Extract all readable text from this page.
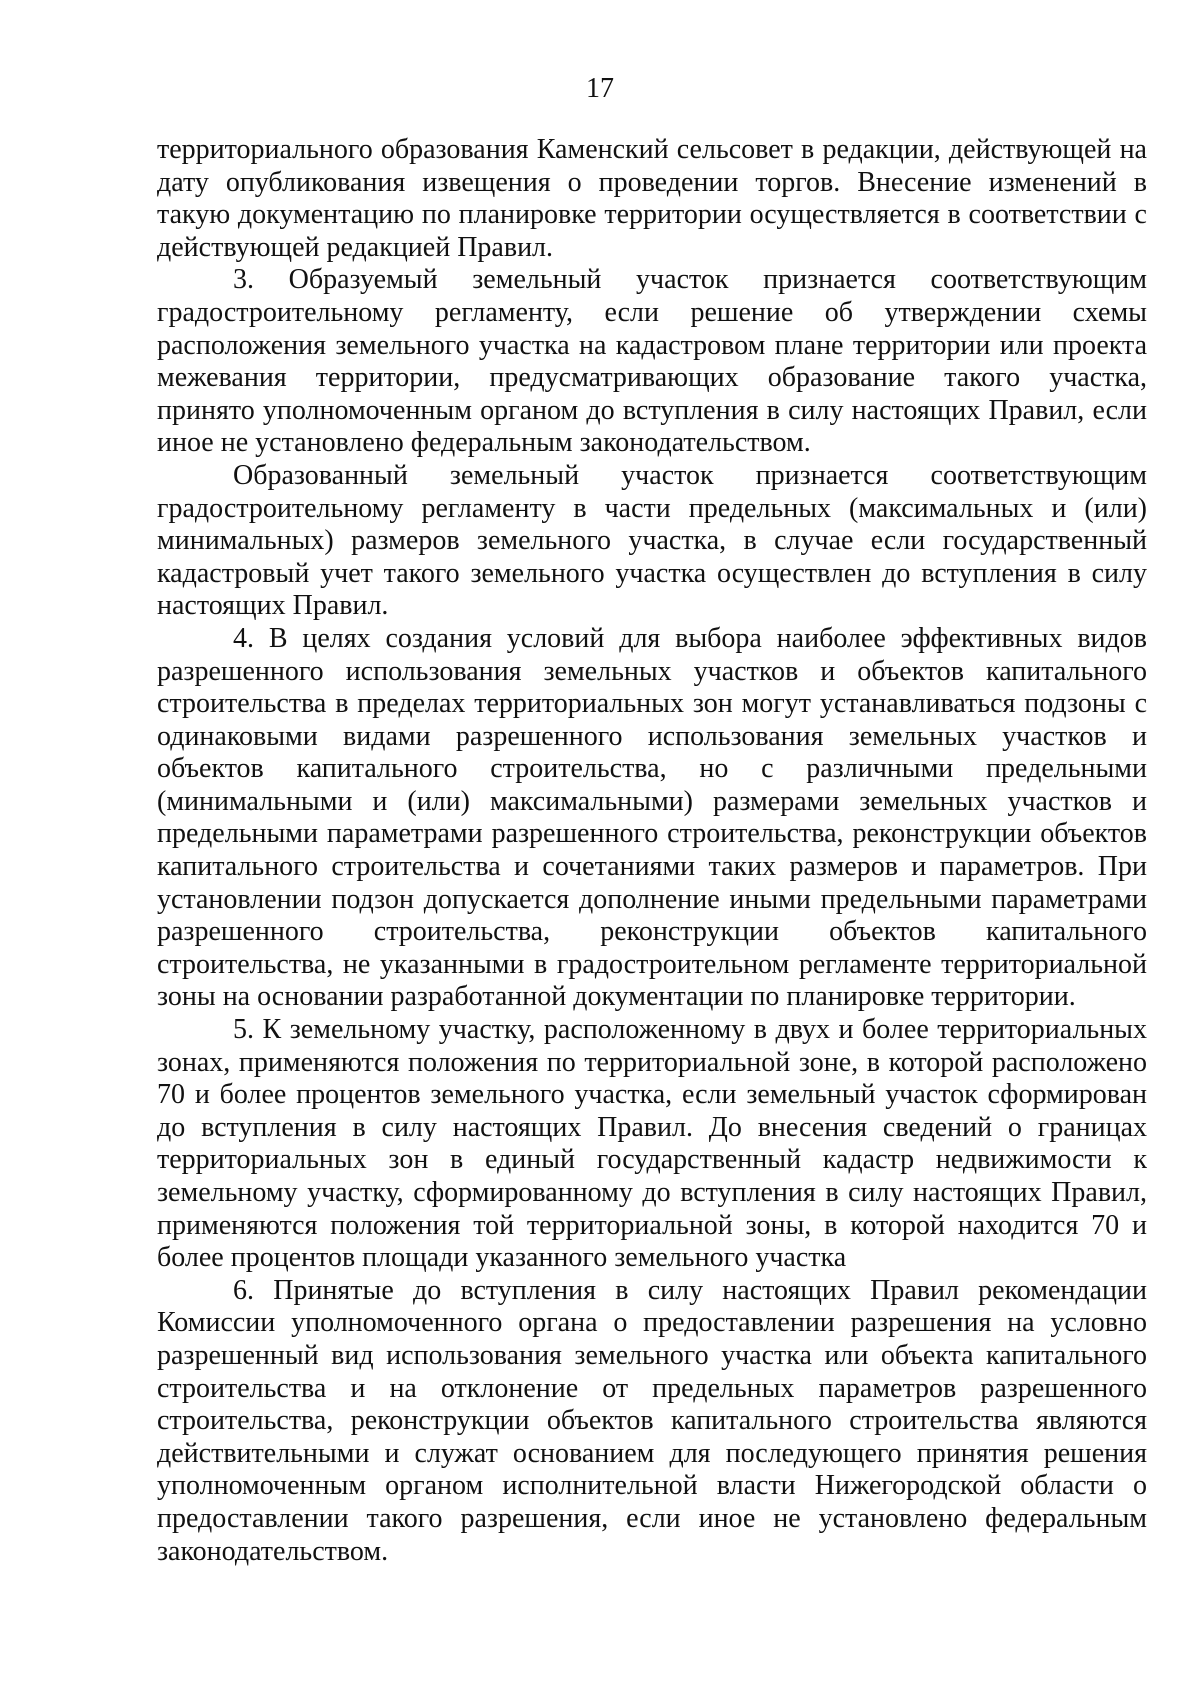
17
территориального образования Каменский сельсовет в редакции, действующей на
дату опубликования извещения о проведении торгов. Внесение изменений в
такую документацию по планировке территории осуществляется в соответствии с
действующей редакцией Правил.
3. Образуемый земельный участок признается соответствующим
градостроительному регламенту, если решение об утверждении схемы
расположения земельного участка на кадастровом плане территории или проекта
межевания территории, предусматривающих образование такого участка,
принято уполномоченным органом до вступления в силу настоящих Правил, если
иное не установлено федеральным законодательством.
Образованный земельный участок признается соответствующим
градостроительному регламенту в части предельных (максимальных и (или)
минимальных) размеров земельного участка, в случае если государственный
кадастровый учет такого земельного участка осуществлен до вступления в силу
настоящих Правил.
4. В целях создания условий для выбора наиболее эффективных видов
разрешенного использования земельных участков и объектов капитального
строительства в пределах территориальных зон могут устанавливаться подзоны с
одинаковыми видами разрешенного использования земельных участков и
объектов капитального строительства, но с различными предельными
(минимальными и (или) максимальными) размерами земельных участков и
предельными параметрами разрешенного строительства, реконструкции объектов
капитального строительства и сочетаниями таких размеров и параметров. При
установлении подзон допускается дополнение иными предельными параметрами
разрешенного строительства, реконструкции объектов капитального
строительства, не указанными в градостроительном регламенте территориальной
зоны на основании разработанной документации по планировке территории.
5. К земельному участку, расположенному в двух и более территориальных
зонах, применяются положения по территориальной зоне, в которой расположено
70 и более процентов земельного участка, если земельный участок сформирован
до вступления в силу настоящих Правил. До внесения сведений о границах
территориальных зон в единый государственный кадастр недвижимости к
земельному участку, сформированному до вступления в силу настоящих Правил,
применяются положения той территориальной зоны, в которой находится 70 и
более процентов площади указанного земельного участка
6. Принятые до вступления в силу настоящих Правил рекомендации
Комиссии уполномоченного органа о предоставлении разрешения на условно
разрешенный вид использования земельного участка или объекта капитального
строительства и на отклонение от предельных параметров разрешенного
строительства, реконструкции объектов капитального строительства являются
действительными и служат основанием для последующего принятия решения
уполномоченным органом исполнительной власти Нижегородской области о
предоставлении такого разрешения, если иное не установлено федеральным
законодательством.
